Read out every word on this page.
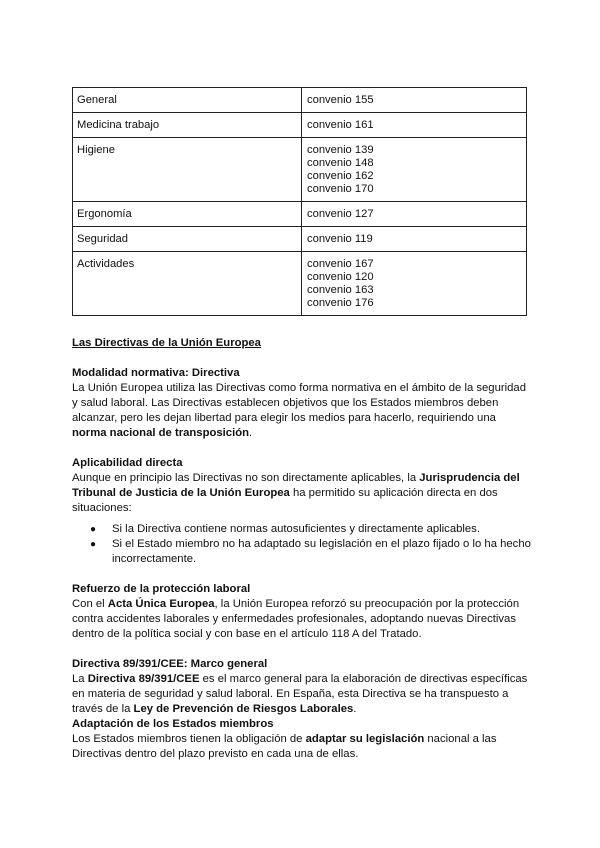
General	convenio 155

Medicina trabajo	convenio 161

Higiene	convenio 139
convenio 148
convenio 162
convenio 170

Ergonomía	convenio 127

Seguridad	convenio 119

Actividades	convenio 167
convenio 120
convenio 163
convenio 176

Las Directivas de la Unión Europea

Modalidad normativa: Directiva

La Unión Europea utiliza las Directivas como forma normativa en el ámbito de la seguridad y salud laboral. Las Directivas establecen objetivos que los Estados miembros deben alcanzar, pero les dejan libertad para elegir los medios para hacerlo, requiriendo una norma nacional de transposición.

Aplicabilidad directa

Aunque en principio las Directivas no son directamente aplicables, la Jurisprudencia del Tribunal de Justicia de la Unión Europea ha permitido su aplicación directa en dos situaciones:

● Si la Directiva contiene normas autosuficientes y directamente aplicables.
● Si el Estado miembro no ha adaptado su legislación en el plazo fijado o lo ha hecho incorrectamente.

Refuerzo de la protección laboral

Con el Acta Única Europea, la Unión Europea reforzó su preocupación por la protección contra accidentes laborales y enfermedades profesionales, adoptando nuevas Directivas dentro de la política social y con base en el artículo 118 A del Tratado.

Directiva 89/391/CEE: Marco general

La Directiva 89/391/CEE es el marco general para la elaboración de directivas específicas en materia de seguridad y salud laboral. En España, esta Directiva se ha transpuesto a través de la Ley de Prevención de Riesgos Laborales.

Adaptación de los Estados miembros

Los Estados miembros tienen la obligación de adaptar su legislación nacional a las Directivas dentro del plazo previsto en cada una de ellas.
